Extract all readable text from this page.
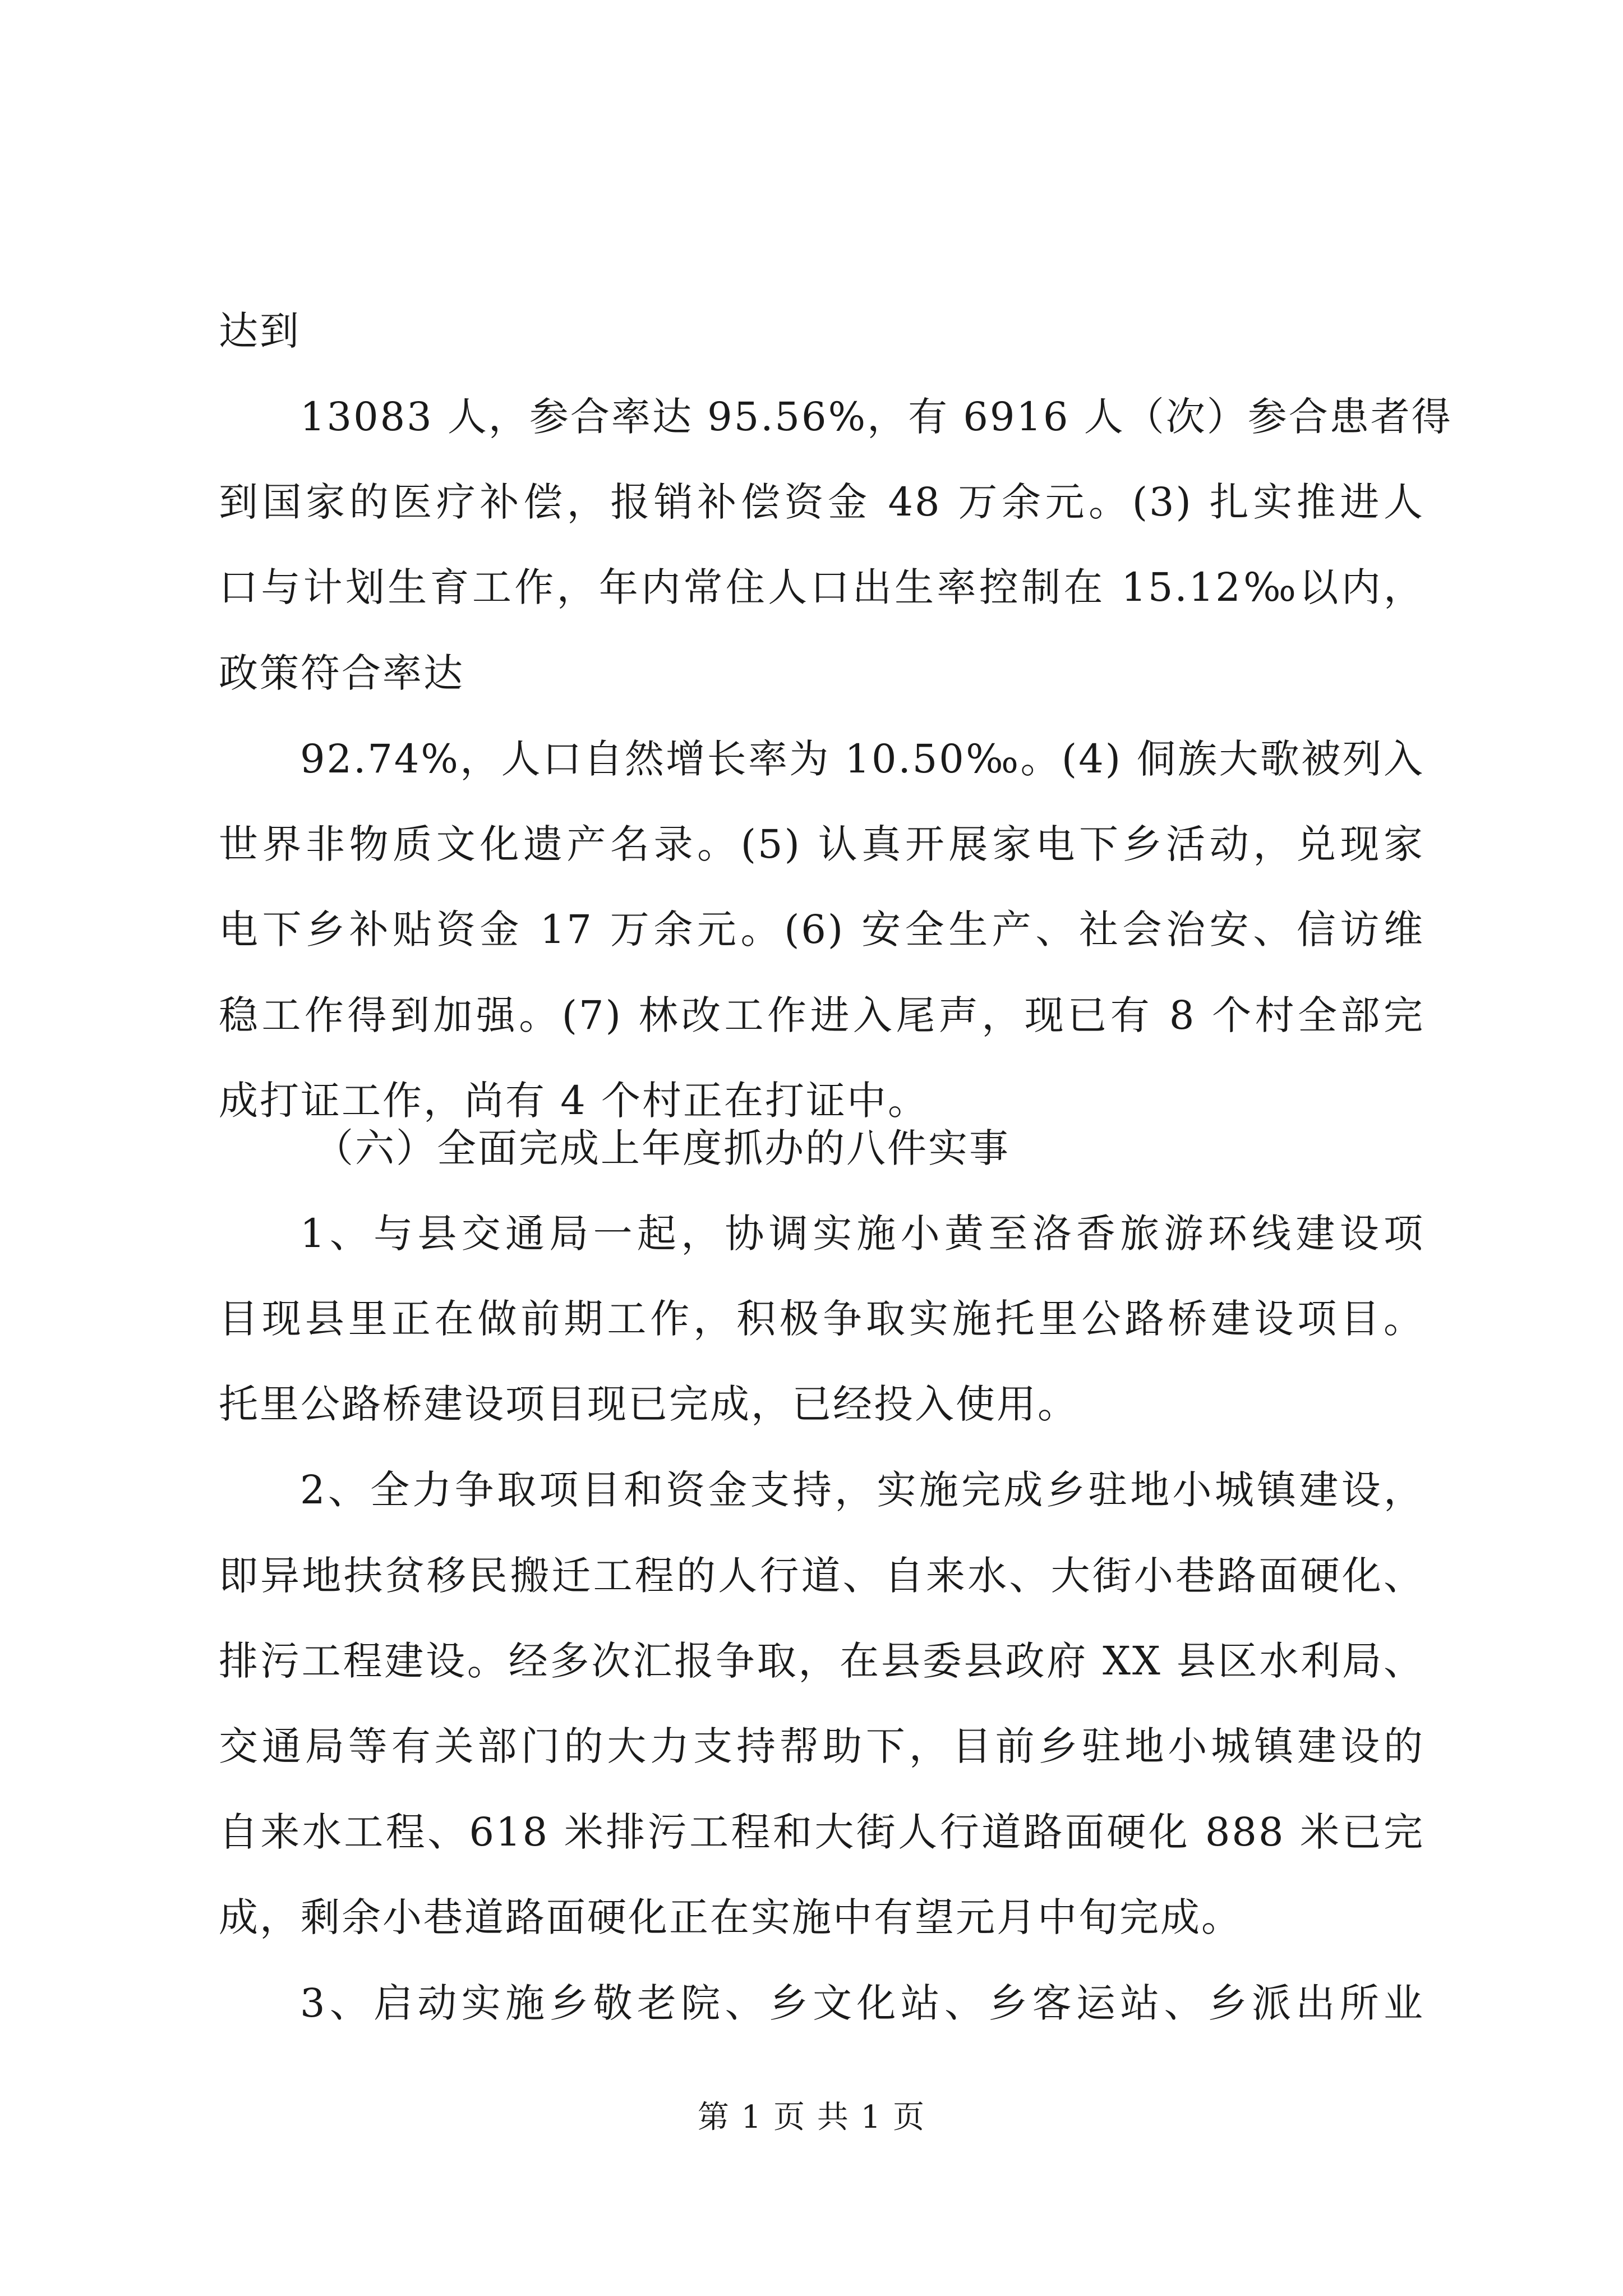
达到
13083 人，参合率达 95.56%，有 6916 人（次）参合患者得
到国家的医疗补偿，报销补偿资金 48 万余元。(3) 扎实推进人
口与计划生育工作，年内常住人口出生率控制在 15.12‰以内，
政策符合率达
92.74%，人口自然增长率为 10.50‰。(4) 侗族大歌被列入
世界非物质文化遗产名录。(5) 认真开展家电下乡活动，兑现家
电下乡补贴资金 17 万余元。(6) 安全生产、社会治安、信访维
稳工作得到加强。(7) 林改工作进入尾声，现已有 8 个村全部完
成打证工作，尚有 4 个村正在打证中。
（六）全面完成上年度抓办的八件实事
1、与县交通局一起，协调实施小黄至洛香旅游环线建设项
目现县里正在做前期工作，积极争取实施托里公路桥建设项目。
托里公路桥建设项目现已完成，已经投入使用。
2、全力争取项目和资金支持，实施完成乡驻地小城镇建设，
即异地扶贫移民搬迁工程的人行道、自来水、大街小巷路面硬化、
排污工程建设。经多次汇报争取，在县委县政府 XX 县区水利局、
交通局等有关部门的大力支持帮助下，目前乡驻地小城镇建设的
自来水工程、618 米排污工程和大街人行道路面硬化 888 米已完
成，剩余小巷道路面硬化正在实施中有望元月中旬完成。
3、启动实施乡敬老院、乡文化站、乡客运站、乡派出所业
第 1 页 共 1 页
